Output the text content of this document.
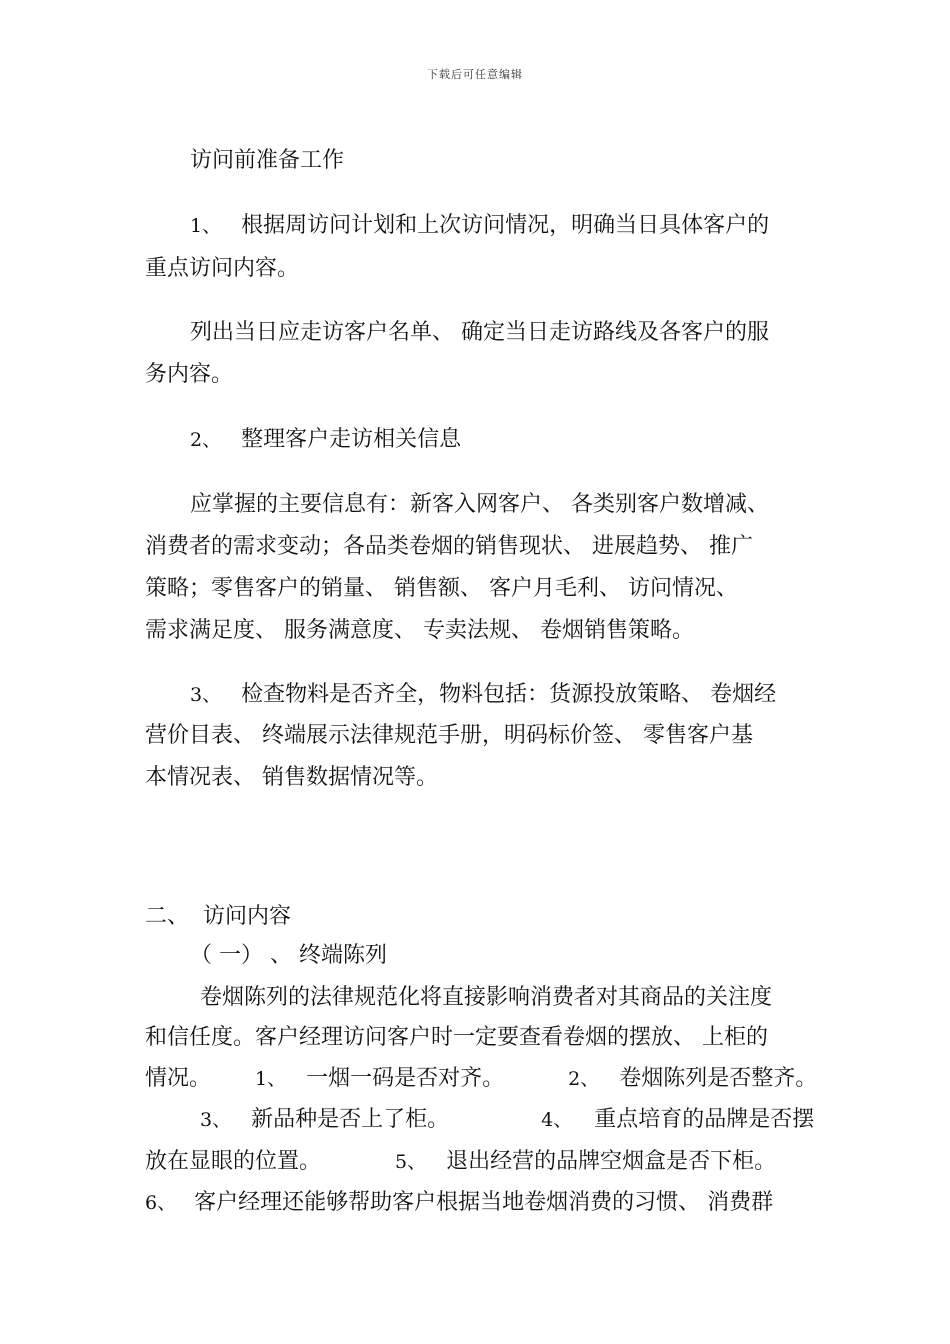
下载后可任意编辑
访问前准备工作
1、 根据周访问计划和上次访问情况，明确当日具体客户的
重点访问内容。
列出当日应走访客户名单、 确定当日走访路线及各客户的服
务内容。
2、 整理客户走访相关信息
应掌握的主要信息有：新客入网客户、 各类别客户数增减、
消费者的需求变动；各品类卷烟的销售现状、 进展趋势、 推广
策略；零售客户的销量、 销售额、 客户月毛利、 访问情况、
需求满足度、 服务满意度、 专卖法规、 卷烟销售策略。
3、 检查物料是否齐全，物料包括：货源投放策略、 卷烟经
营价目表、 终端展示法律规范手册，明码标价签、 零售客户基
本情况表、 销售数据情况等。
二、 访问内容
（ 一） 、 终端陈列
卷烟陈列的法律规范化将直接影响消费者对其商品的关注度
和信任度。客户经理访问客户时一定要查看卷烟的摆放、 上柜的
情况。 1、 一烟一码是否对齐。	2、 卷烟陈列是否整齐。
3、 新品种是否上了柜。	4、 重点培育的品牌是否摆
放在显眼的位置。	5、 退出经营的品牌空烟盒是否下柜。
6、 客户经理还能够帮助客户根据当地卷烟消费的习惯、 消费群
